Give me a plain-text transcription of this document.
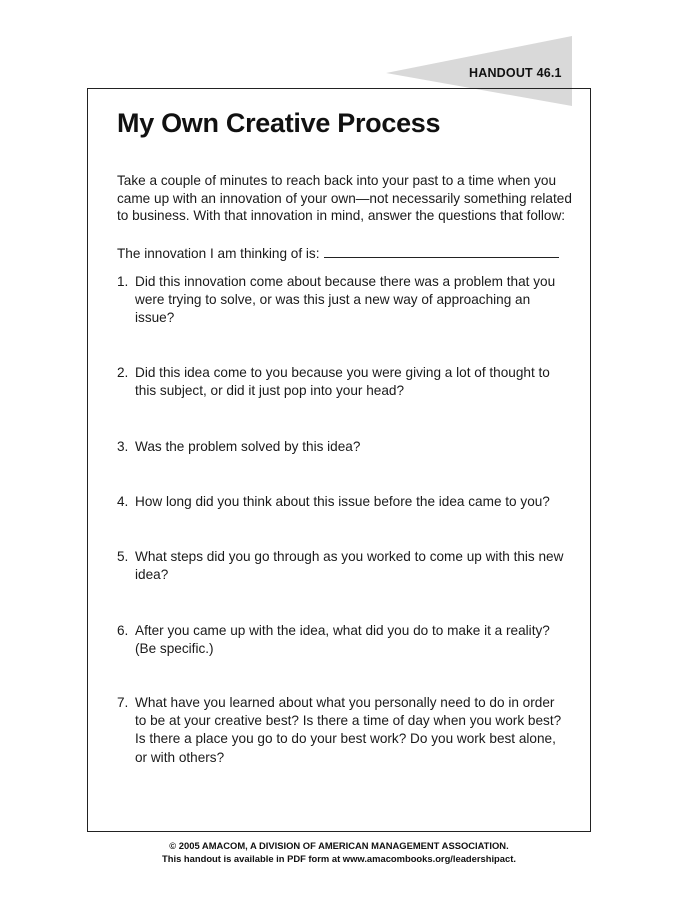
HANDOUT 46.1
My Own Creative Process

Take a couple of minutes to reach back into your past to a time when you came up with an innovation of your own—not necessarily something related to business. With that innovation in mind, answer the questions that follow:

The innovation I am thinking of is:
1. Did this innovation come about because there was a problem that you were trying to solve, or was this just a new way of approaching an issue?
2. Did this idea come to you because you were giving a lot of thought to this subject, or did it just pop into your head?
3. Was the problem solved by this idea?
4. How long did you think about this issue before the idea came to you?
5. What steps did you go through as you worked to come up with this new idea?
6. After you came up with the idea, what did you do to make it a reality? (Be specific.)
7. What have you learned about what you personally need to do in order to be at your creative best? Is there a time of day when you work best? Is there a place you go to do your best work? Do you work best alone, or with others?
© 2005 AMACOM, A DIVISION OF AMERICAN MANAGEMENT ASSOCIATION.
This handout is available in PDF form at www.amacombooks.org/leadershipact.
